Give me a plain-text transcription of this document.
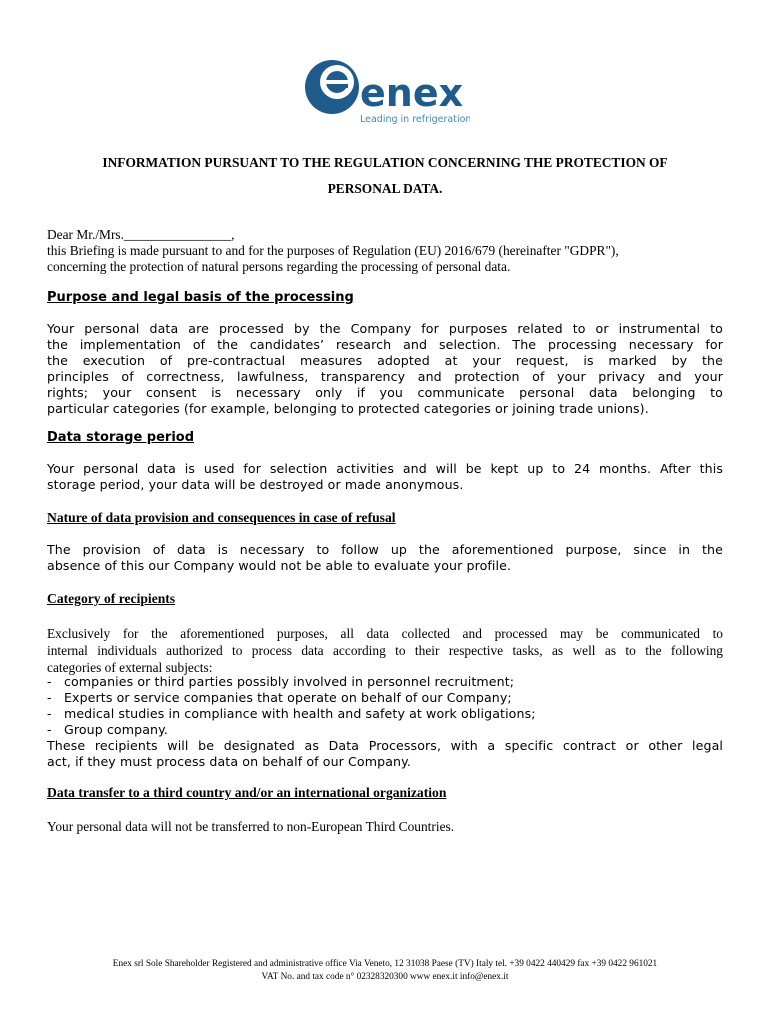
enex
Leading in refrigeration
INFORMATION PURSUANT TO THE REGULATION CONCERNING THE PROTECTION OF
PERSONAL DATA.
Dear Mr./Mrs.________________,
this Briefing is made pursuant to and for the purposes of Regulation (EU) 2016/679 (hereinafter "GDPR"),
concerning the protection of natural persons regarding the processing of personal data.
Purpose and legal basis of the processing
Your personal data are processed by the Company for purposes related to or instrumental to
the implementation of the candidates’ research and selection. The processing necessary for
the execution of pre-contractual measures adopted at your request, is marked by the
principles of correctness, lawfulness, transparency and protection of your privacy and your
rights; your consent is necessary only if you communicate personal data belonging to
particular categories (for example, belonging to protected categories or joining trade unions).
Data storage period
Your personal data is used for selection activities and will be kept up to 24 months. After this
storage period, your data will be destroyed or made anonymous.
Nature of data provision and consequences in case of refusal
The provision of data is necessary to follow up the aforementioned purpose, since in the
absence of this our Company would not be able to evaluate your profile.
Category of recipients
Exclusively for the aforementioned purposes, all data collected and processed may be communicated to
internal individuals authorized to process data according to their respective tasks, as well as to the following
categories of external subjects:
-   companies or third parties possibly involved in personnel recruitment;
-   Experts or service companies that operate on behalf of our Company;
-   medical studies in compliance with health and safety at work obligations;
-   Group company.
These recipients will be designated as Data Processors, with a specific contract or other legal
act, if they must process data on behalf of our Company.
Data transfer to a third country and/or an international organization
Your personal data will not be transferred to non-European Third Countries.
Enex srl Sole Shareholder Registered and administrative office Via Veneto, 12 31038 Paese (TV) Italy tel. +39 0422 440429 fax +39 0422 961021
VAT No. and tax code n° 02328320300 www enex.it info@enex.it
